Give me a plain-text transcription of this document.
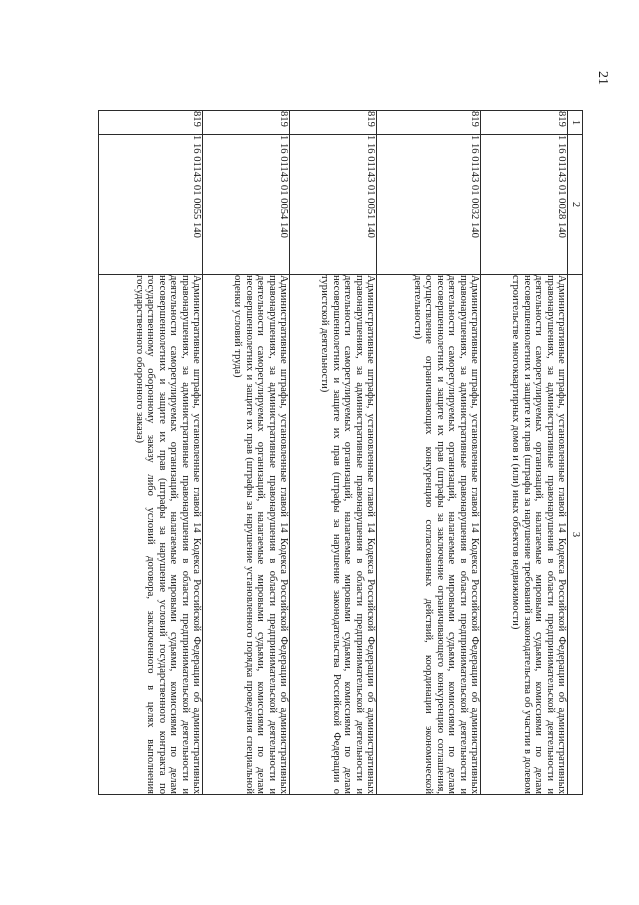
21
1	2	3
819	1 16 01143 01 0028 140	Административные штрафы, установленные главой 14 Кодекса Российской Федерации об административных правонарушениях, за административные правонарушения в области предпринимательской деятельности и деятельности саморегулируемых организаций, налагаемые мировыми судьями, комиссиями по делам несовершеннолетних и защите их прав (штрафы за нарушение требований законодательства об участии в долевом строительстве многоквартирных домов и (или) иных объектов недвижимости)
819	1 16 01143 01 0032 140	Административные штрафы, установленные главой 14 Кодекса Российской Федерации об административных правонарушениях, за административные правонарушения в области предпринимательской деятельности и деятельности саморегулируемых организаций, налагаемые мировыми судьями, комиссиями по делам несовершеннолетних и защите их прав (штрафы за заключение ограничивающего конкуренцию соглашения, осуществление ограничивающих конкуренцию согласованных действий, координации экономической деятельности)
819	1 16 01143 01 0051 140	Административные штрафы, установленные главой 14 Кодекса Российской Федерации об административных правонарушениях, за административные правонарушения в области предпринимательской деятельности и деятельности саморегулируемых организаций, налагаемые мировыми судьями, комиссиями по делам несовершеннолетних и защите их прав (штрафы за нарушение законодательства Российской Федерации о туристской деятельности)
819	1 16 01143 01 0054 140	Административные штрафы, установленные главой 14 Кодекса Российской Федерации об административных правонарушениях, за административные правонарушения в области предпринимательской деятельности и деятельности саморегулируемых организаций, налагаемые мировыми судьями, комиссиями по делам несовершеннолетних и защите их прав (штрафы за нарушение установленного порядка проведения специальной оценки условий труда)
819	1 16 01143 01 0055 140	Административные штрафы, установленные главой 14 Кодекса Российской Федерации об административных правонарушениях, за административные правонарушения в области предпринимательской деятельности и деятельности саморегулируемых организаций, налагаемые мировыми судьями, комиссиями по делам несовершеннолетних и защите их прав (штрафы за нарушение условий государственного контракта по государственному оборонному заказу либо условий договора, заключенного в целях выполнения государственного оборонного заказа)
